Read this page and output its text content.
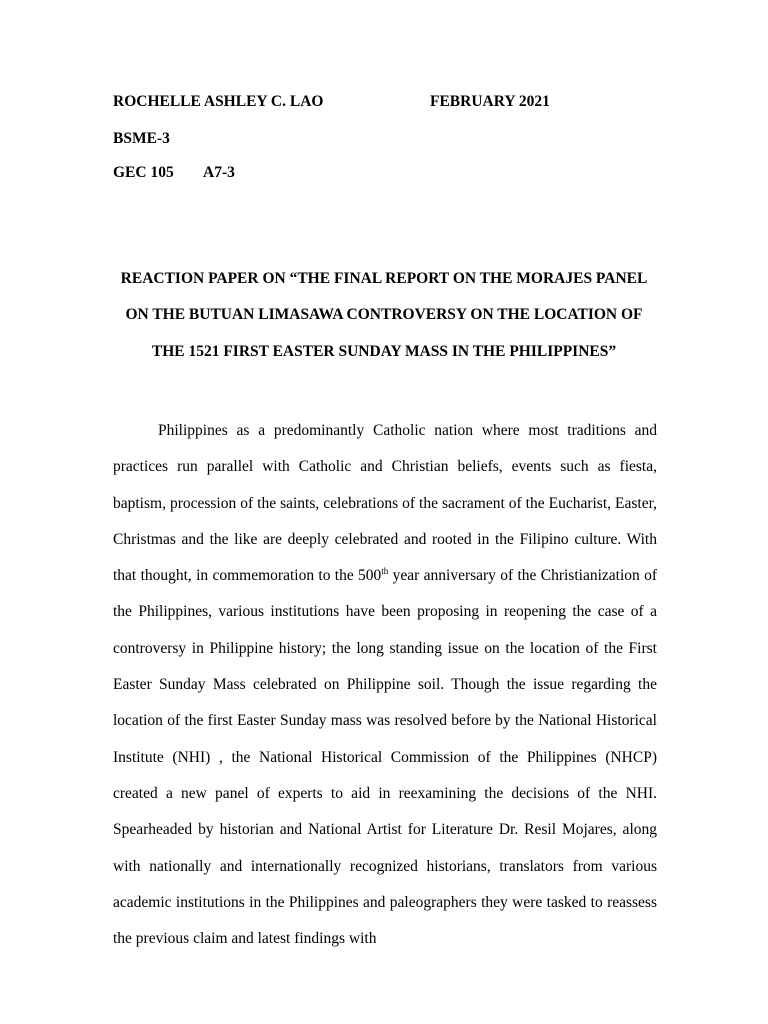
ROCHELLE ASHLEY C. LAO	FEBRUARY 2021
BSME-3
GEC 105 A7-3
REACTION PAPER ON “THE FINAL REPORT ON THE MORAJES PANEL
ON THE BUTUAN LIMASAWA CONTROVERSY ON THE LOCATION OF
THE 1521 FIRST EASTER SUNDAY MASS IN THE PHILIPPINES”

Philippines as a predominantly Catholic nation where most traditions and practices run parallel with Catholic and Christian beliefs, events such as fiesta, baptism, procession of the saints, celebrations of the sacrament of the Eucharist, Easter, Christmas and the like are deeply celebrated and rooted in the Filipino culture. With that thought, in commemoration to the 500th year anniversary of the Christianization of the Philippines, various institutions have been proposing in reopening the case of a controversy in Philippine history; the long standing issue on the location of the First Easter Sunday Mass celebrated on Philippine soil. Though the issue regarding the location of the first Easter Sunday mass was resolved before by the National Historical Institute (NHI) , the National Historical Commission of the Philippines (NHCP) created a new panel of experts to aid in reexamining the decisions of the NHI. Spearheaded by historian and National Artist for Literature Dr. Resil Mojares, along with nationally and internationally recognized historians, translators from various academic institutions in the Philippines and paleographers they were tasked to reassess the previous claim and latest findings with
